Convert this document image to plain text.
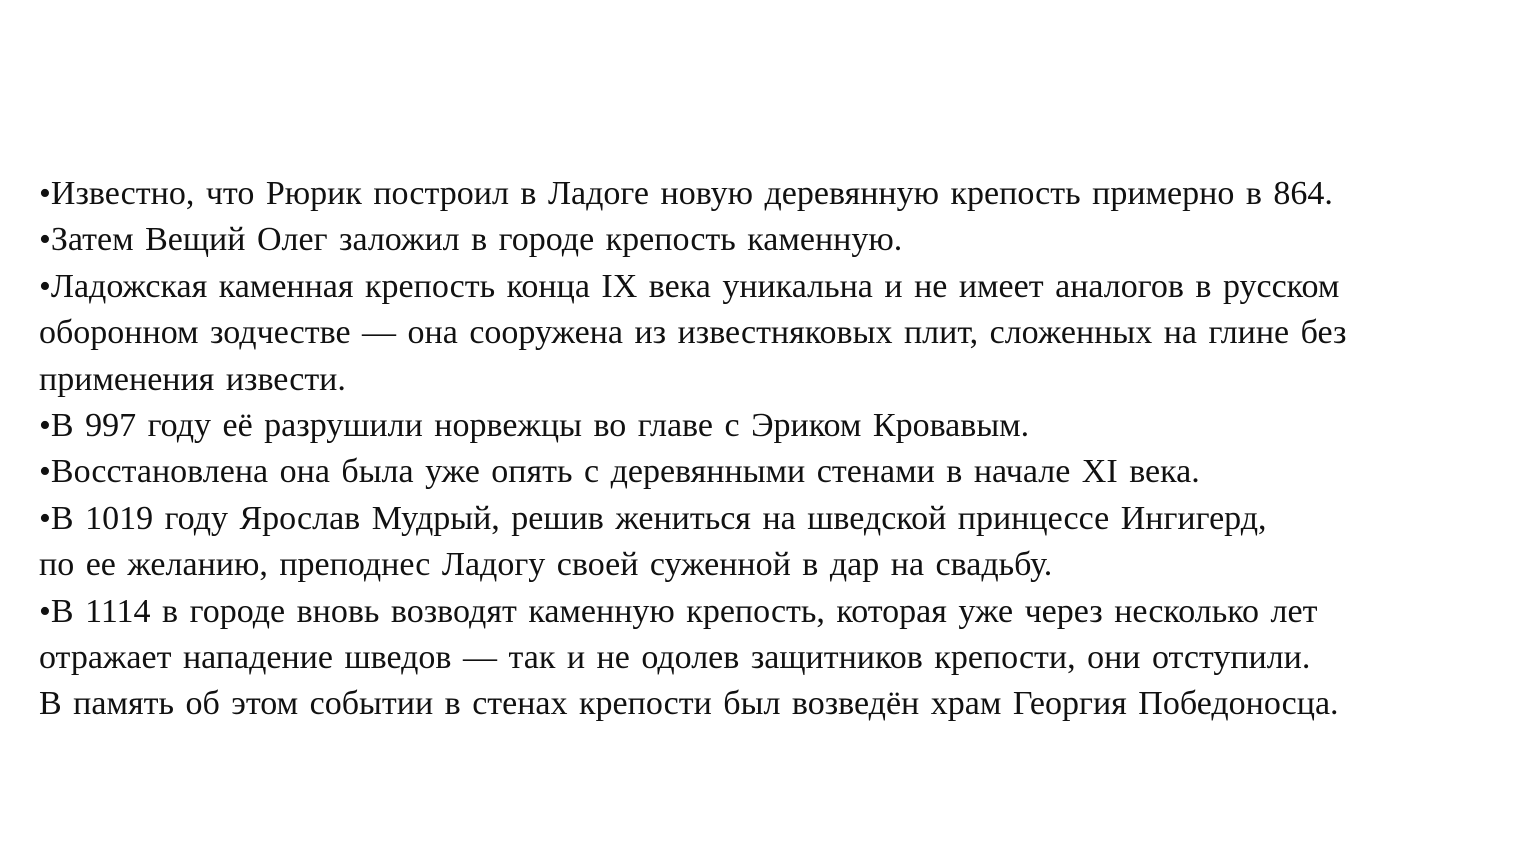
•Известно, что Рюрик построил в Ладоге новую деревянную крепость примерно в 864.
•Затем Вещий Олег заложил в городе крепость каменную.
•Ладожская каменная крепость конца IX века уникальна и не имеет аналогов в русском
оборонном зодчестве — она сооружена из известняковых плит, сложенных на глине без
применения извести.
•В 997 году её разрушили норвежцы во главе с Эриком Кровавым.
•Восстановлена она была уже опять с деревянными стенами в начале XI века.
•В 1019 году Ярослав Мудрый, решив жениться на шведской принцессе Ингигерд,
по ее желанию, преподнес Ладогу своей суженной в дар на свадьбу.
•В 1114 в городе вновь возводят каменную крепость, которая уже через несколько лет
отражает нападение шведов — так и не одолев защитников крепости, они отступили.
В память об этом событии в стенах крепости был возведён храм Георгия Победоносца.
